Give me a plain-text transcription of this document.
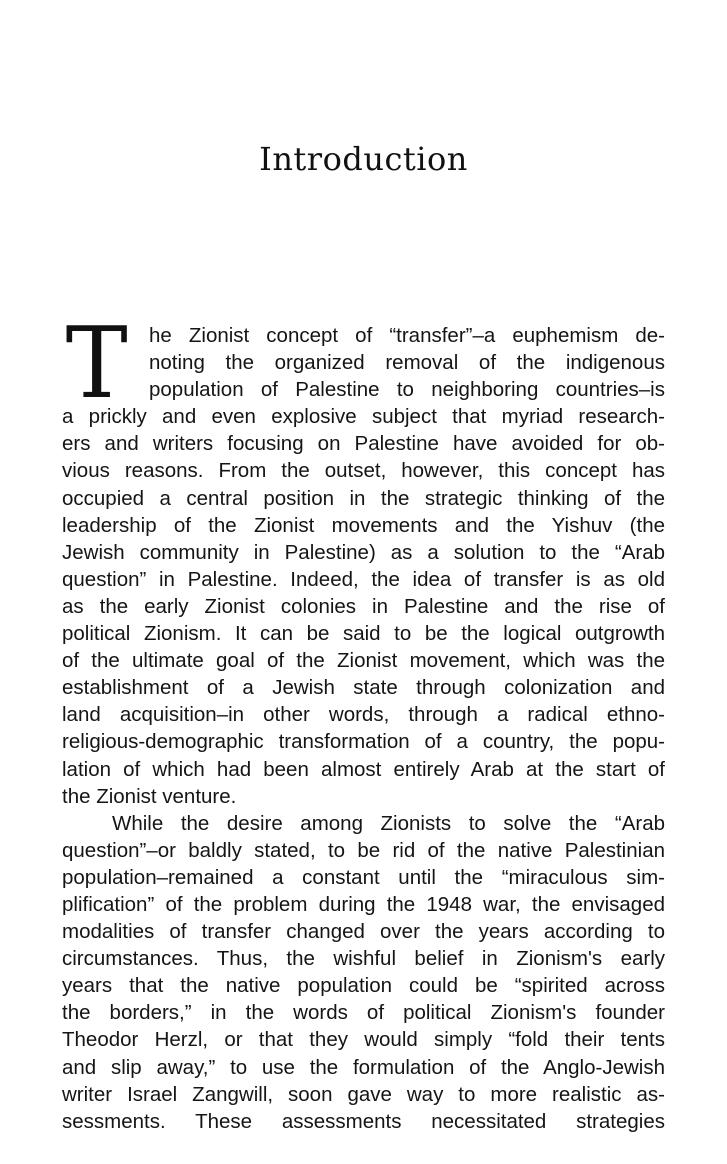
Introduction
T	he Zionist concept of “transfer”–a euphemism de-
noting the organized removal of the indigenous
population of Palestine to neighboring countries–is
a prickly and even explosive subject that myriad research-
ers and writers focusing on Palestine have avoided for ob-
vious reasons. From the outset, however, this concept has
occupied a central position in the strategic thinking of the
leadership of the Zionist movements and the Yishuv (the
Jewish community in Palestine) as a solution to the “Arab
question” in Palestine. Indeed, the idea of transfer is as old
as the early Zionist colonies in Palestine and the rise of
political Zionism. It can be said to be the logical outgrowth
of the ultimate goal of the Zionist movement, which was the
establishment of a Jewish state through colonization and
land acquisition–in other words, through a radical ethno-
religious-demographic transformation of a country, the popu-
lation of which had been almost entirely Arab at the start of
the Zionist venture.
While the desire among Zionists to solve the “Arab
question”–or baldly stated, to be rid of the native Palestinian
population–remained a constant until the “miraculous sim-
plification” of the problem during the 1948 war, the envisaged
modalities of transfer changed over the years according to
circumstances. Thus, the wishful belief in Zionism's early
years that the native population could be “spirited across
the borders,” in the words of political Zionism's founder
Theodor Herzl, or that they would simply “fold their tents
and slip away,” to use the formulation of the Anglo-Jewish
writer Israel Zangwill, soon gave way to more realistic as-
sessments. These assessments necessitated strategies
